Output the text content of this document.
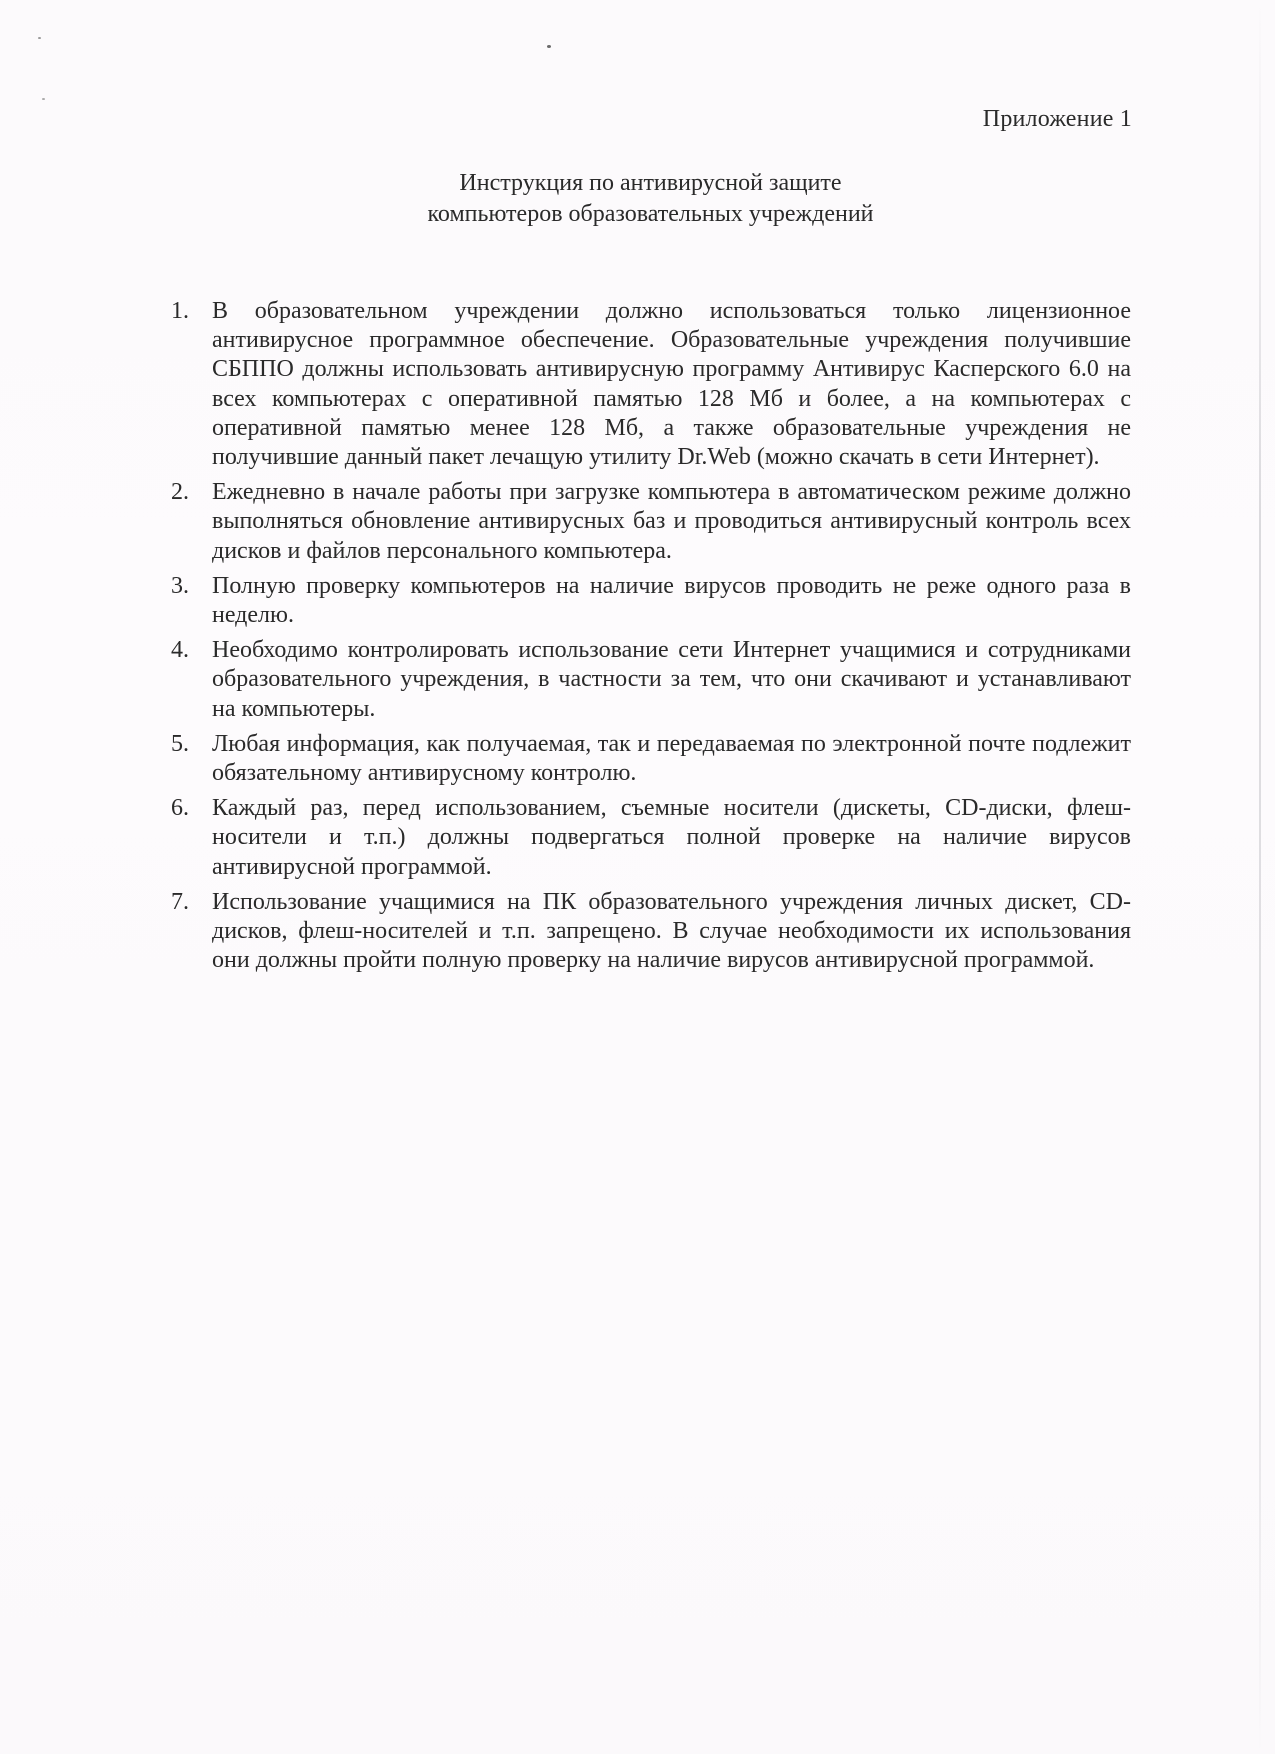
Приложение 1
Инструкция по антивирусной защите
компьютеров образовательных учреждений
1. В образовательном учреждении должно использоваться только лицензионное антивирусное программное обеспечение. Образовательные учреждения получившие СБППО должны использовать антивирусную программу Антивирус Касперского 6.0 на всех компьютерах с оперативной памятью 128 Мб и более, а на компьютерах с оперативной памятью менее 128 Мб, а также образовательные учреждения не получившие данный пакет лечащую утилиту Dr.Web (можно скачать в сети Интернет).
2. Ежедневно в начале работы при загрузке компьютера в автоматическом режиме должно выполняться обновление антивирусных баз и проводиться антивирусный контроль всех дисков и файлов персонального компьютера.
3. Полную проверку компьютеров на наличие вирусов проводить не реже одного раза в неделю.
4. Необходимо контролировать использование сети Интернет учащимися и сотрудниками образовательного учреждения, в частности за тем, что они скачивают и устанавливают на компьютеры.
5. Любая информация, как получаемая, так и передаваемая по электронной почте подлежит обязательному антивирусному контролю.
6. Каждый раз, перед использованием, съемные носители (дискеты, CD-диски, флеш-носители и т.п.) должны подвергаться полной проверке на наличие вирусов антивирусной программой.
7. Использование учащимися на ПК образовательного учреждения личных дискет, CD-дисков, флеш-носителей и т.п. запрещено. В случае необходимости их использования они должны пройти полную проверку на наличие вирусов антивирусной программой.
